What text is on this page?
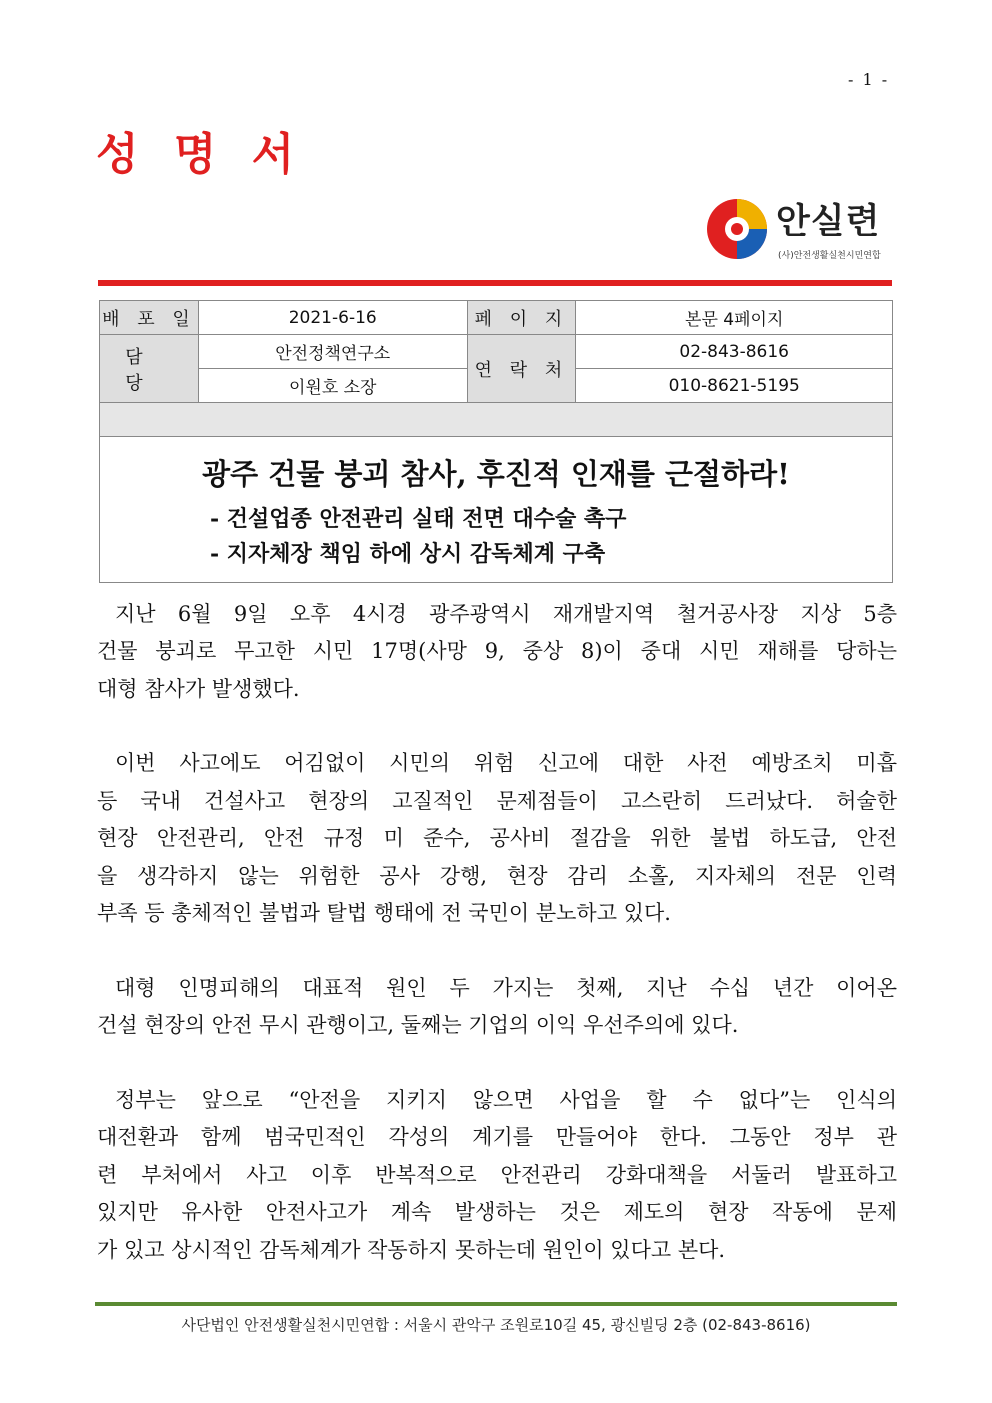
- 1 -
성 명 서
안실련
(사)안전생활실천시민연합
배 포 일	2021-6-16	페 이 지	본문 4페이지
담 당	안전정책연구소	연 락 처	02-843-8616
	이원호 소장		010-8621-5195

광주 건물 붕괴 참사, 후진적 인재를 근절하라!
- 건설업종 안전관리 실태 전면 대수술 촉구
- 지자체장 책임 하에 상시 감독체계 구축
지난 6월 9일 오후 4시경 광주광역시 재개발지역 철거공사장 지상 5층
건물 붕괴로 무고한 시민 17명(사망 9, 중상 8)이 중대 시민 재해를 당하는
대형 참사가 발생했다.
이번 사고에도 어김없이 시민의 위험 신고에 대한 사전 예방조치 미흡
등 국내 건설사고 현장의 고질적인 문제점들이 고스란히 드러났다. 허술한
현장 안전관리, 안전 규정 미 준수, 공사비 절감을 위한 불법 하도급, 안전
을 생각하지 않는 위험한 공사 강행, 현장 감리 소홀, 지자체의 전문 인력
부족 등 총체적인 불법과 탈법 행태에 전 국민이 분노하고 있다.
대형 인명피해의 대표적 원인 두 가지는 첫째, 지난 수십 년간 이어온
건설 현장의 안전 무시 관행이고, 둘째는 기업의 이익 우선주의에 있다.
정부는 앞으로 “안전을 지키지 않으면 사업을 할 수 없다”는 인식의
대전환과 함께 범국민적인 각성의 계기를 만들어야 한다. 그동안 정부 관
련 부처에서 사고 이후 반복적으로 안전관리 강화대책을 서둘러 발표하고
있지만 유사한 안전사고가 계속 발생하는 것은 제도의 현장 작동에 문제
가 있고 상시적인 감독체계가 작동하지 못하는데 원인이 있다고 본다.
사단법인 안전생활실천시민연합 : 서울시 관악구 조원로10길 45, 광신빌딩 2층 (02-843-8616)
